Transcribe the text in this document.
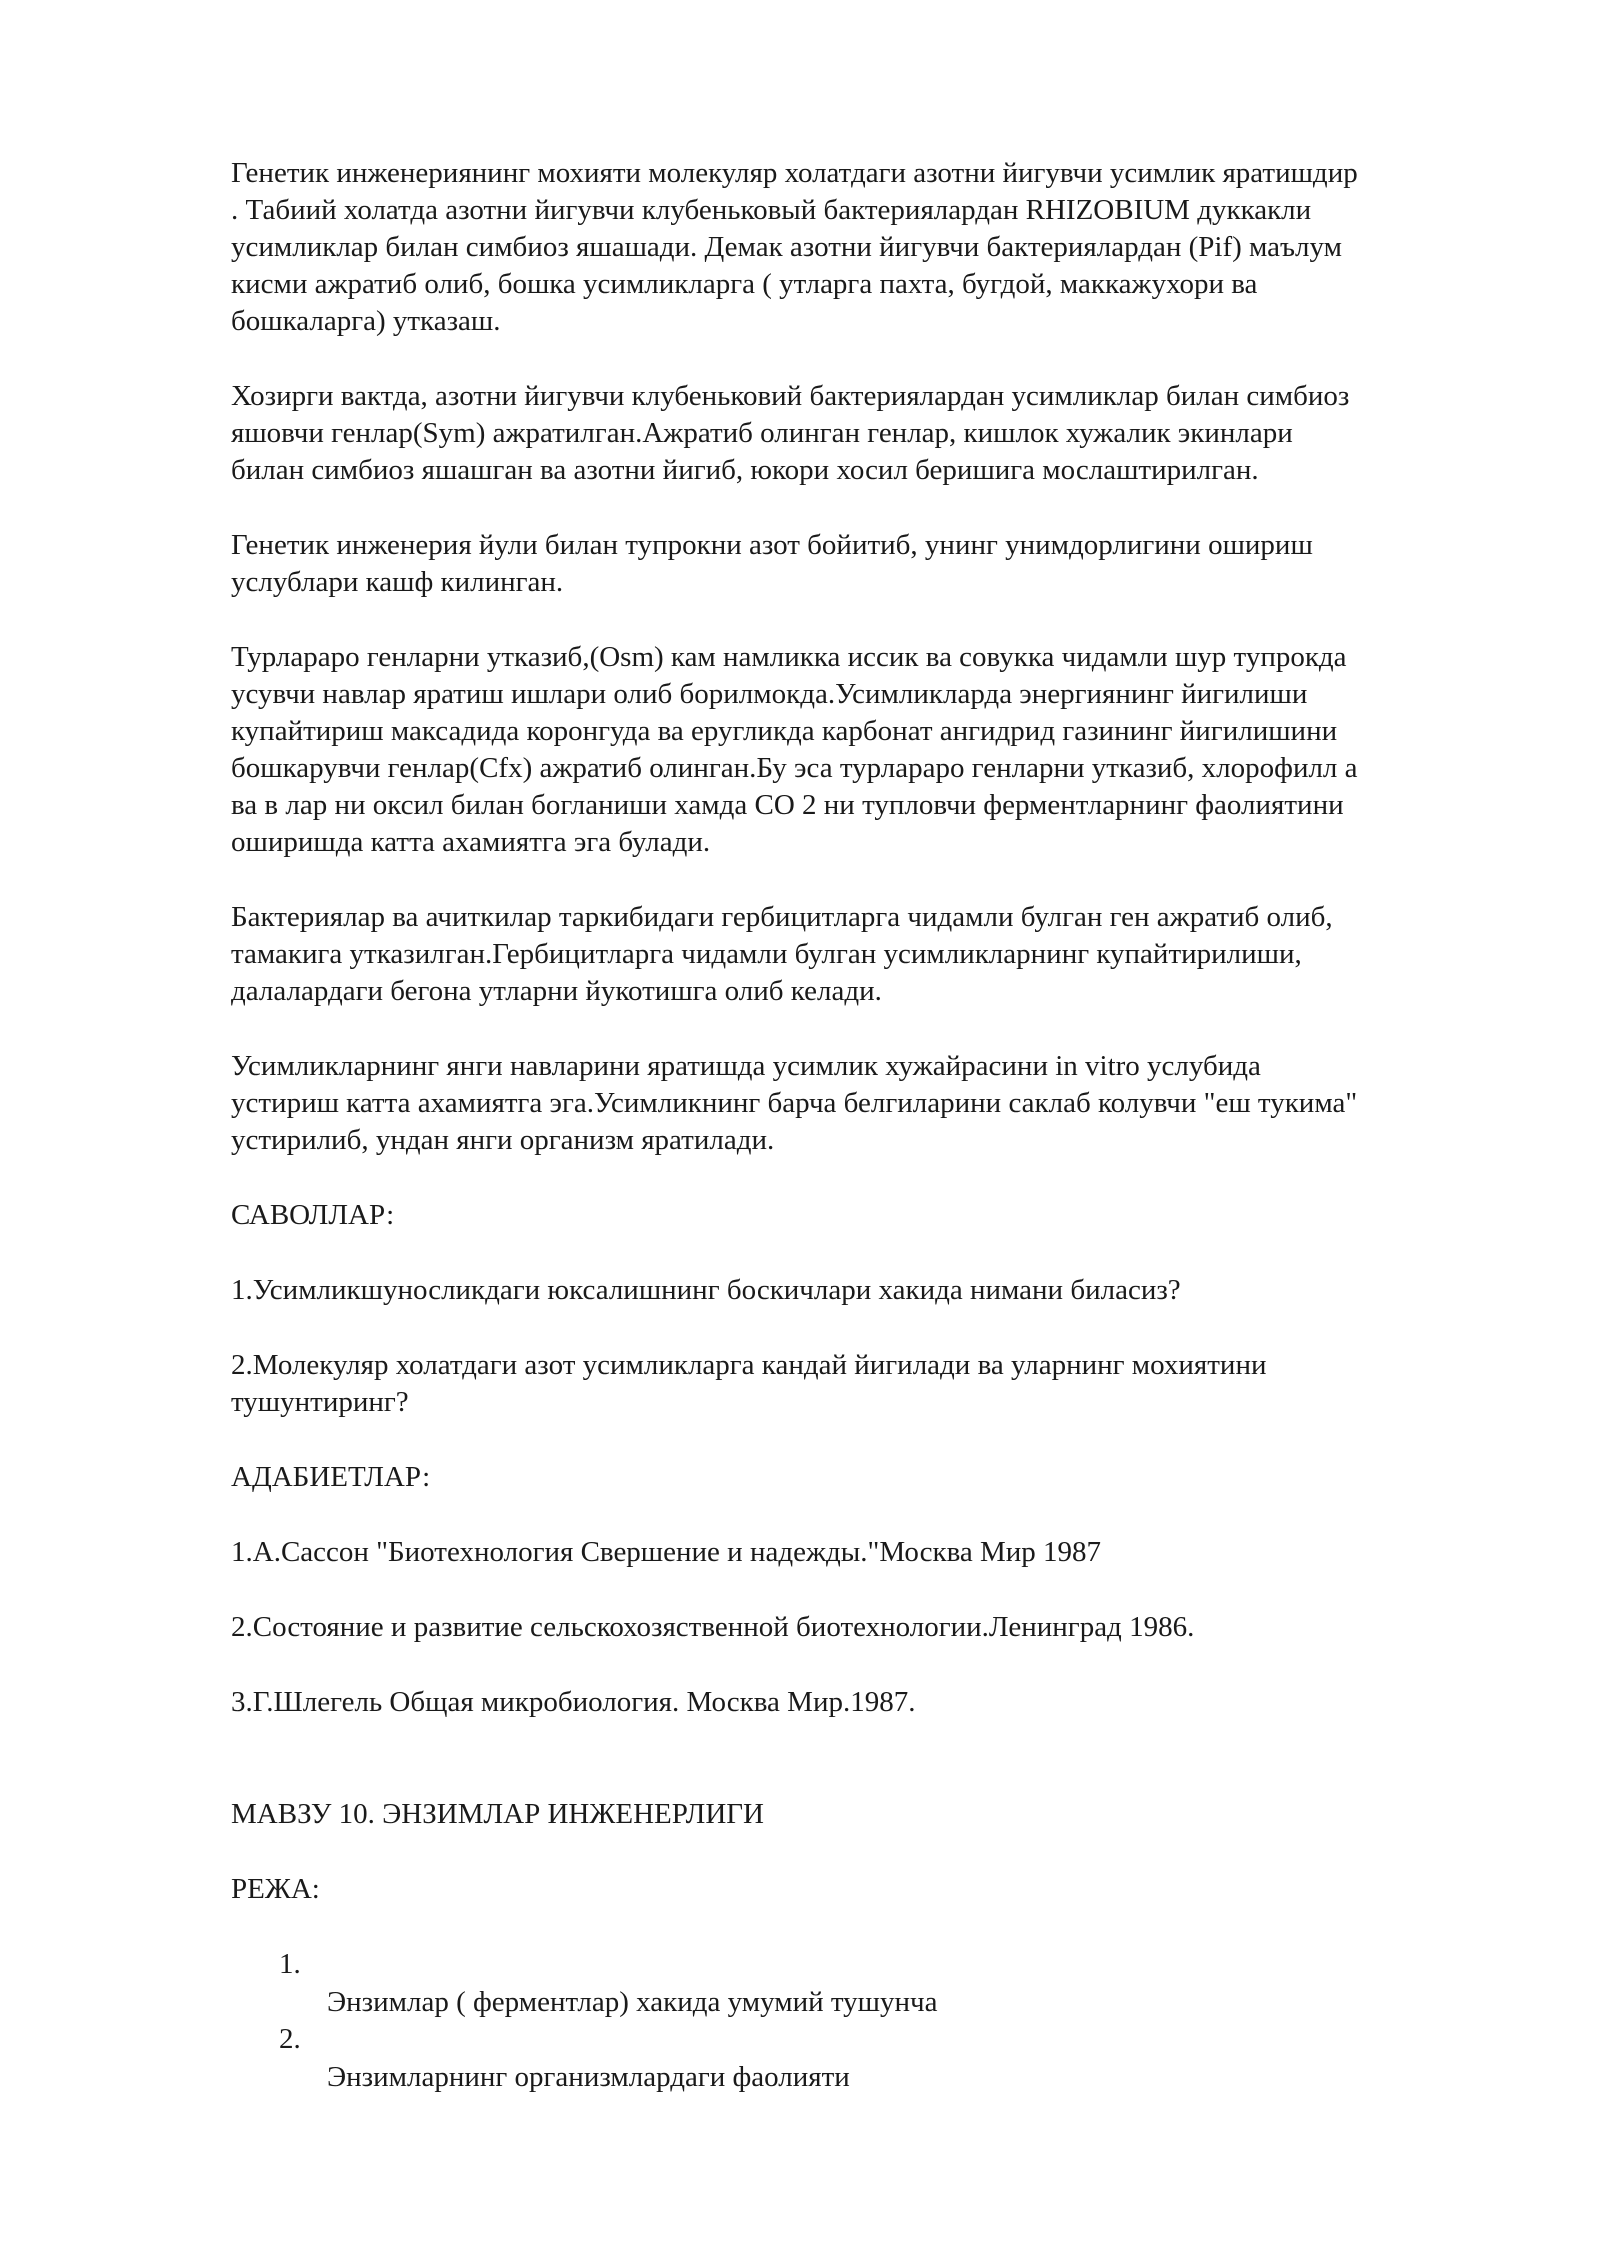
Генетик инженериянинг мохияти молекуляр холатдаги азотни йигувчи усимлик яратишдир
. Табиий холатда азотни йигувчи клубеньковый бактериялардан RHIZOBIUM дуккакли
усимликлар билан симбиоз яшашади. Демак азотни йигувчи бактериялардан (Pif) маълум
кисми ажратиб олиб, бошка усимликларга ( утларга пахта, бугдой, маккажухори ва
бошкаларга) утказаш.

Хозирги вактда, азотни йигувчи клубеньковий бактериялардан усимликлар билан симбиоз
яшовчи генлар(Sym) ажратилган.Ажратиб олинган генлар, кишлок хужалик экинлари
билан симбиоз яшашган ва азотни йигиб, юкори хосил беришига мослаштирилган.

Генетик инженерия йули билан тупрокни азот бойитиб, унинг унимдорлигини ошириш
услублари кашф килинган.

Турлараро генларни утказиб,(Osm) кам намликка иссик ва совукка чидамли шур тупрокда
усувчи навлар яратиш ишлари олиб борилмокда.Усимликларда энергиянинг йигилиши
купайтириш максадида коронгуда ва еругликда карбонат ангидрид газининг йигилишини
бошкарувчи генлар(Cfx) ажратиб олинган.Бу эса турлараро генларни утказиб, хлорофилл а
ва в лар ни оксил билан богланиши хамда СО 2 ни тупловчи ферментларнинг фаолиятини
оширишда катта ахамиятга эга булади.

Бактериялар ва ачиткилар таркибидаги гербицитларга чидамли булган ген ажратиб олиб,
тамакига утказилган.Гербицитларга чидамли булган усимликларнинг купайтирилиши,
далалардаги бегона утларни йукотишга олиб келади.

Усимликларнинг янги навларини яратишда усимлик хужайрасини in vitro услубида
устириш катта ахамиятга эга.Усимликнинг барча белгиларини саклаб колувчи "еш тукима"
устирилиб, ундан янги организм яратилади.

САВОЛЛАР:

1.Усимликшуносликдаги юксалишнинг боскичлари хакида нимани биласиз?

2.Молекуляр холатдаги азот усимликларга кандай йигилади ва уларнинг мохиятини
тушунтиринг?

АДАБИЕТЛАР:

1.А.Сассон "Биотехнология Свершение и надежды."Москва Мир 1987

2.Состояние и развитие сельскохозяственной биотехнологии.Ленинград 1986.

3.Г.Шлегель Общая микробиология. Москва Мир.1987.

МАВЗУ 10. ЭНЗИМЛАР ИНЖЕНЕРЛИГИ

РЕЖА:

1.
Энзимлар ( ферментлар) хакида умумий тушунча
2.
Энзимларнинг организмлардаги фаолияти
